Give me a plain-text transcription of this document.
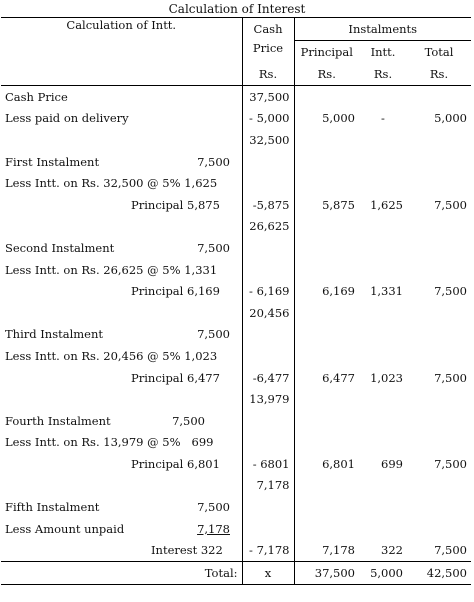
Calculation of Interest
Calculation of Intt.	Cash	Instalments		
	Price	Principal	Intt.	Total
	Rs.	Rs.	Rs.	Rs.
Cash Price	37,500			
Less paid on delivery	- 5,000	5,000	-	5,000
	32,500			

First Instalment 7,500				

Less Intt. on Rs. 32,500 @ 5% 1,625				
Principal 5,875	-5,875	5,875	1,625	7,500
	26,625			

Second Instalment 7,500				

Less Intt. on Rs. 26,625 @ 5% 1,331				
Principal 6,169	- 6,169	6,169	1,331	7,500
	20,456			

Third Instalment 7,500				

Less Intt. on Rs. 20,456 @ 5% 1,023				
Principal 6,477	-6,477	6,477	1,023	7,500
	13,979			

Fourth Instalment 7,500				

Less Intt. on Rs. 13,979 @ 5% 699				
Principal 6,801	- 6801	6,801	699	7,500
	7,178			

Fifth Instalment 7,500				

Less Amount unpaid 7,178				

Interest 322	- 7,178	7,178	322	7,500
Total:	x	37,500	5,000	42,500
